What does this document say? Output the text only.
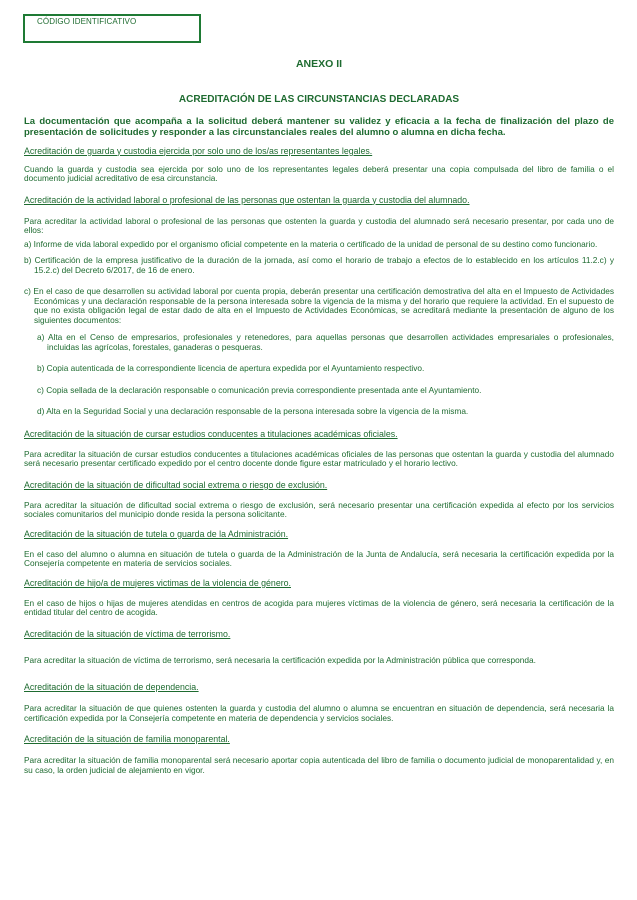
CÓDIGO IDENTIFICATIVO

ANEXO II

ACREDITACIÓN DE LAS CIRCUNSTANCIAS DECLARADAS

La documentación que acompaña a la solicitud deberá mantener su validez y eficacia a la fecha de finalización del plazo de presentación de solicitudes y responder a las circunstanciales reales del alumno o alumna en dicha fecha.

Acreditación de guarda y custodia ejercida por solo uno de los/as representantes legales.

Cuando la guarda y custodia sea ejercida por solo uno de los representantes legales deberá presentar una copia compulsada del libro de familia o el documento judicial acreditativo de esa circunstancia.

Acreditación de la actividad laboral o profesional de las personas que ostentan la guarda y custodia del alumnado.

Para acreditar la actividad laboral o profesional de las personas que ostenten la guarda y custodia del alumnado será necesario presentar, por cada uno de ellos:

a) Informe de vida laboral expedido por el organismo oficial competente en la materia o certificado de la unidad de personal de su destino como funcionario.

b) Certificación de la empresa justificativo de la duración de la jornada, así como el horario de trabajo a efectos de lo establecido en los artículos 11.2.c) y 15.2.c) del Decreto 6/2017, de 16 de enero.

c) En el caso de que desarrollen su actividad laboral por cuenta propia, deberán presentar una certificación demostrativa del alta en el Impuesto de Actividades Económicas y una declaración responsable de la persona interesada sobre la vigencia de la misma y del horario que requiere la actividad. En el supuesto de que no exista obligación legal de estar dado de alta en el Impuesto de Actividades Económicas, se acreditará mediante la presentación de alguno de los siguientes documentos:

a) Alta en el Censo de empresarios, profesionales y retenedores, para aquellas personas que desarrollen actividades empresariales o profesionales, incluidas las agrícolas, forestales, ganaderas o pesqueras.

b) Copia autenticada de la correspondiente licencia de apertura expedida por el Ayuntamiento respectivo.

c) Copia sellada de la declaración responsable o comunicación previa correspondiente presentada ante el Ayuntamiento.

d) Alta en la Seguridad Social y una declaración responsable de la persona interesada sobre la vigencia de la misma.

Acreditación de la situación de cursar estudios conducentes a titulaciones académicas oficiales.

Para acreditar la situación de cursar estudios conducentes a titulaciones académicas oficiales de las personas que ostentan la guarda y custodia del alumnado será necesario presentar certificado expedido por el centro docente donde figure estar matriculado y el horario lectivo.

Acreditación de la situación de dificultad social extrema o riesgo de exclusión.

Para acreditar la situación de dificultad social extrema o riesgo de exclusión, será necesario presentar una certificación expedida al efecto por los servicios sociales comunitarios del municipio donde resida la persona solicitante.

Acreditación de la situación de tutela o guarda de la Administración.

En el caso del alumno o alumna en situación de tutela o guarda de la Administración de la Junta de Andalucía, será necesaria la certificación expedida por la Consejería competente en materia de servicios sociales.

Acreditación de hijo/a de mujeres victimas de la violencia de género.

En el caso de hijos o hijas de mujeres atendidas en centros de acogida para mujeres víctimas de la violencia de género, será necesaria la certificación de la entidad titular del centro de acogida.

Acreditación de la situación de víctima de terrorismo.

Para acreditar la situación de víctima de terrorismo, será necesaria la certificación expedida por la Administración pública que corresponda.

Acreditación de la situación de dependencia.

Para acreditar la situación de que quienes ostenten la guarda y custodia del alumno o alumna se encuentran en situación de dependencia, será necesaria la certificación expedida por la Consejería competente en materia de dependencia y servicios sociales.

Acreditación de la situación de familia monoparental.

Para acreditar la situación de familia monoparental será necesario aportar copia autenticada del libro de familia o documento judicial de monoparentalidad y, en su caso, la orden judicial de alejamiento en vigor.
